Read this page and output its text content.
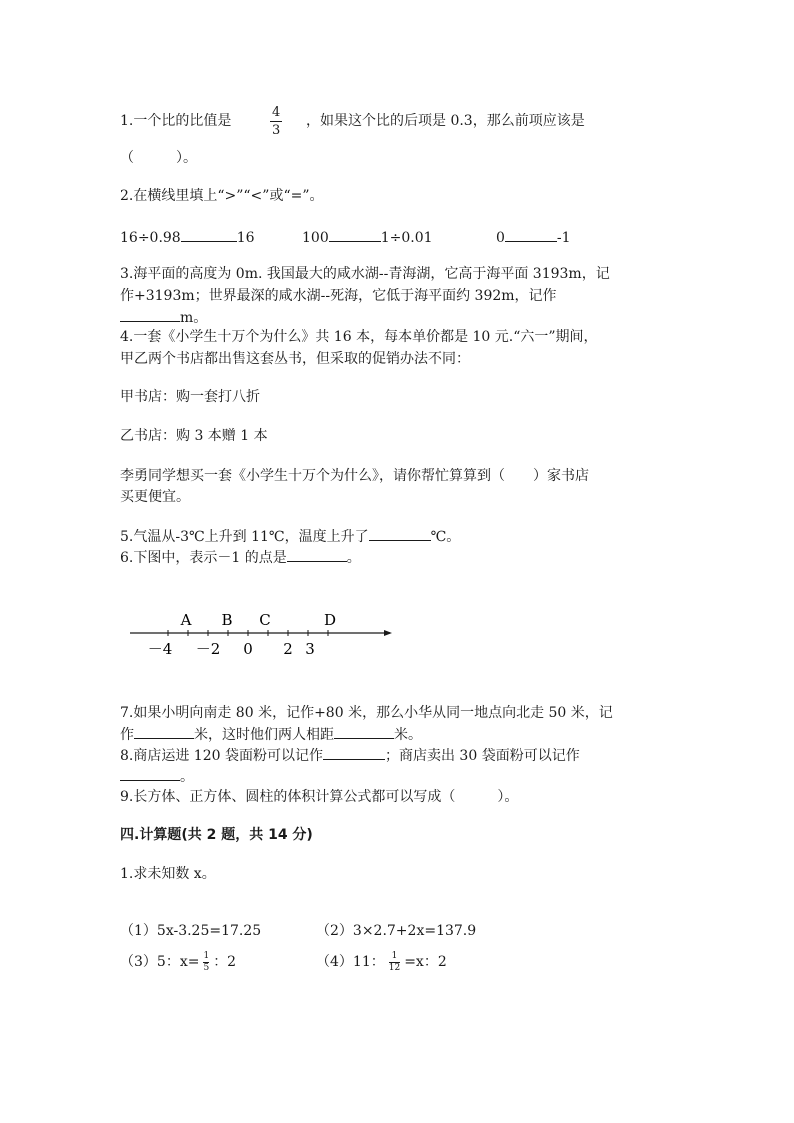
1.一个比的比值是
4
3
，如果这个比的后项是 0.3，那么前项应该是
（　　　）。
2.在横线里填上“>”“<”或“=”。
16÷0.98	16	100	1÷0.01	0	-1
3.海平面的高度为 0m. 我国最大的咸水湖--青海湖，它高于海平面 3193m，记
作+3193m；世界最深的咸水湖--死海，它低于海平面约 392m，记作
m。
4.一套《小学生十万个为什么》共 16 本，每本单价都是 10 元.“六一”期间，
甲乙两个书店都出售这套丛书，但采取的促销办法不同：
甲书店：购一套打八折
乙书店：购 3 本赠 1 本
李勇同学想买一套《小学生十万个为什么》，请你帮忙算算到（　　）家书店
买更便宜。
5.气温从-3℃上升到 11℃，温度上升了	℃。
6.下图中，表示－1 的点是	。
A B C	D
－4 －2 0 2 3
7.如果小明向南走 80 米，记作+80 米，那么小华从同一地点向北走 50 米，记
作	米，这时他们两人相距	米。
8.商店运进 120 袋面粉可以记作	；商店卖出 30 袋面粉可以记作
。
9.长方体、正方体、圆柱的体积计算公式都可以写成（　　　）。
四.计算题(共 2 题，共 14 分)
1.求未知数 x。
（1）5x-3.25=17.25	（2）3×2.7+2x=137.9
（3）5：$x= \frac{1}{5}$ ：2	（4）11： $\frac{1}{12} =x$：2
